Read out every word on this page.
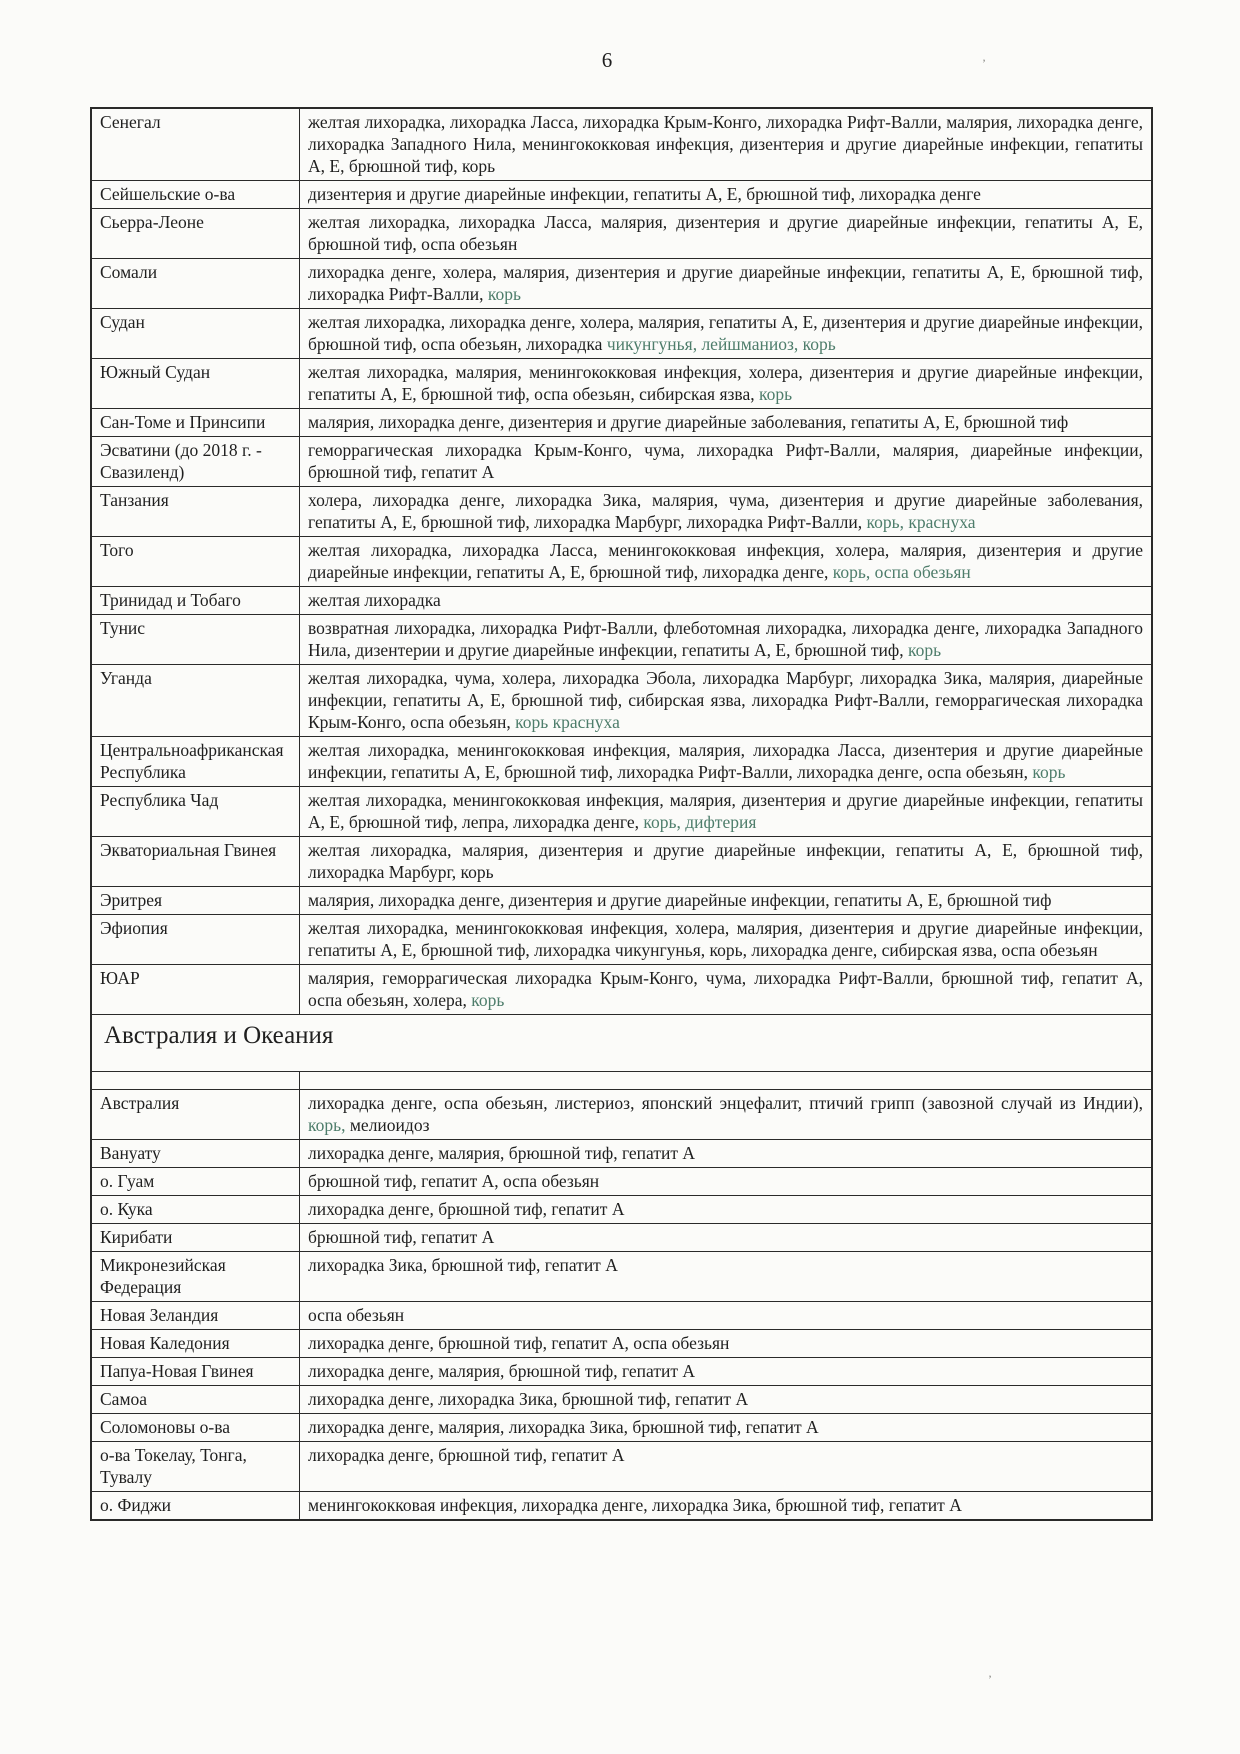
6
Сенегал	желтая лихорадка, лихорадка Ласса, лихорадка Крым-Конго, лихорадка Рифт-Валли, малярия, лихорадка денге, лихорадка Западного Нила, менингококковая инфекция, дизентерия и другие диарейные инфекции, гепатиты А, Е, брюшной тиф, корь
Сейшельские о-ва	дизентерия и другие диарейные инфекции, гепатиты А, Е, брюшной тиф, лихорадка денге
Сьерра-Леоне	желтая лихорадка, лихорадка Ласса, малярия, дизентерия и другие диарейные инфекции, гепатиты А, Е, брюшной тиф, оспа обезьян
Сомали	лихорадка денге, холера, малярия, дизентерия и другие диарейные инфекции, гепатиты А, Е, брюшной тиф, лихорадка Рифт-Валли, корь
Судан	желтая лихорадка, лихорадка денге, холера, малярия, гепатиты А, Е, дизентерия и другие диарейные инфекции, брюшной тиф, оспа обезьян, лихорадка чикунгунья, лейшманиоз, корь
Южный Судан	желтая лихорадка, малярия, менингококковая инфекция, холера, дизентерия и другие диарейные инфекции, гепатиты А, Е, брюшной тиф, оспа обезьян, сибирская язва, корь
Сан-Томе и Принсипи	малярия, лихорадка денге, дизентерия и другие диарейные заболевания, гепатиты А, Е, брюшной тиф
Эсватини (до 2018 г. - Свазиленд)	геморрагическая лихорадка Крым-Конго, чума, лихорадка Рифт-Валли, малярия, диарейные инфекции, брюшной тиф, гепатит А
Танзания	холера, лихорадка денге, лихорадка Зика, малярия, чума, дизентерия и другие диарейные заболевания, гепатиты А, Е, брюшной тиф, лихорадка Марбург, лихорадка Рифт-Валли, корь, краснуха
Того	желтая лихорадка, лихорадка Ласса, менингококковая инфекция, холера, малярия, дизентерия и другие диарейные инфекции, гепатиты А, Е, брюшной тиф, лихорадка денге, корь, оспа обезьян
Тринидад и Тобаго	желтая лихорадка
Тунис	возвратная лихорадка, лихорадка Рифт-Валли, флеботомная лихорадка, лихорадка денге, лихорадка Западного Нила, дизентерии и другие диарейные инфекции, гепатиты А, Е, брюшной тиф, корь
Уганда	желтая лихорадка, чума, холера, лихорадка Эбола, лихорадка Марбург, лихорадка Зика, малярия, диарейные инфекции, гепатиты А, Е, брюшной тиф, сибирская язва, лихорадка Рифт-Валли, геморрагическая лихорадка Крым-Конго, оспа обезьян, корь краснуха
Центральноафриканская Республика	желтая лихорадка, менингококковая инфекция, малярия, лихорадка Ласса, дизентерия и другие диарейные инфекции, гепатиты А, Е, брюшной тиф, лихорадка Рифт-Валли, лихорадка денге, оспа обезьян, корь
Республика Чад	желтая лихорадка, менингококковая инфекция, малярия, дизентерия и другие диарейные инфекции, гепатиты А, Е, брюшной тиф, лепра, лихорадка денге, корь, дифтерия
Экваториальная Гвинея	желтая лихорадка, малярия, дизентерия и другие диарейные инфекции, гепатиты А, Е, брюшной тиф, лихорадка Марбург, корь
Эритрея	малярия, лихорадка денге, дизентерия и другие диарейные инфекции, гепатиты А, Е, брюшной тиф
Эфиопия	желтая лихорадка, менингококковая инфекция, холера, малярия, дизентерия и другие диарейные инфекции, гепатиты А, Е, брюшной тиф, лихорадка чикунгунья, корь, лихорадка денге, сибирская язва, оспа обезьян
ЮАР	малярия, геморрагическая лихорадка Крым-Конго, чума, лихорадка Рифт-Валли, брюшной тиф, гепатит А, оспа обезьян, холера, корь
Австралия и Океания	

Австралия	лихорадка денге, оспа обезьян, листериоз, японский энцефалит, птичий грипп (завозной случай из Индии), корь, мелиоидоз
Вануату	лихорадка денге, малярия, брюшной тиф, гепатит А
о. Гуам	брюшной тиф, гепатит А, оспа обезьян
о. Кука	лихорадка денге, брюшной тиф, гепатит А
Кирибати	брюшной тиф, гепатит А
Микронезийская Федерация	лихорадка Зика, брюшной тиф, гепатит А
Новая Зеландия	оспа обезьян
Новая Каледония	лихорадка денге, брюшной тиф, гепатит А, оспа обезьян
Папуа-Новая Гвинея	лихорадка денге, малярия, брюшной тиф, гепатит А
Самоа	лихорадка денге, лихорадка Зика, брюшной тиф, гепатит А
Соломоновы о-ва	лихорадка денге, малярия, лихорадка Зика, брюшной тиф, гепатит А
о-ва Токелау, Тонга, Тувалу	лихорадка денге, брюшной тиф, гепатит А
о. Фиджи	менингококковая инфекция, лихорадка денге, лихорадка Зика, брюшной тиф, гепатит А
’
’
